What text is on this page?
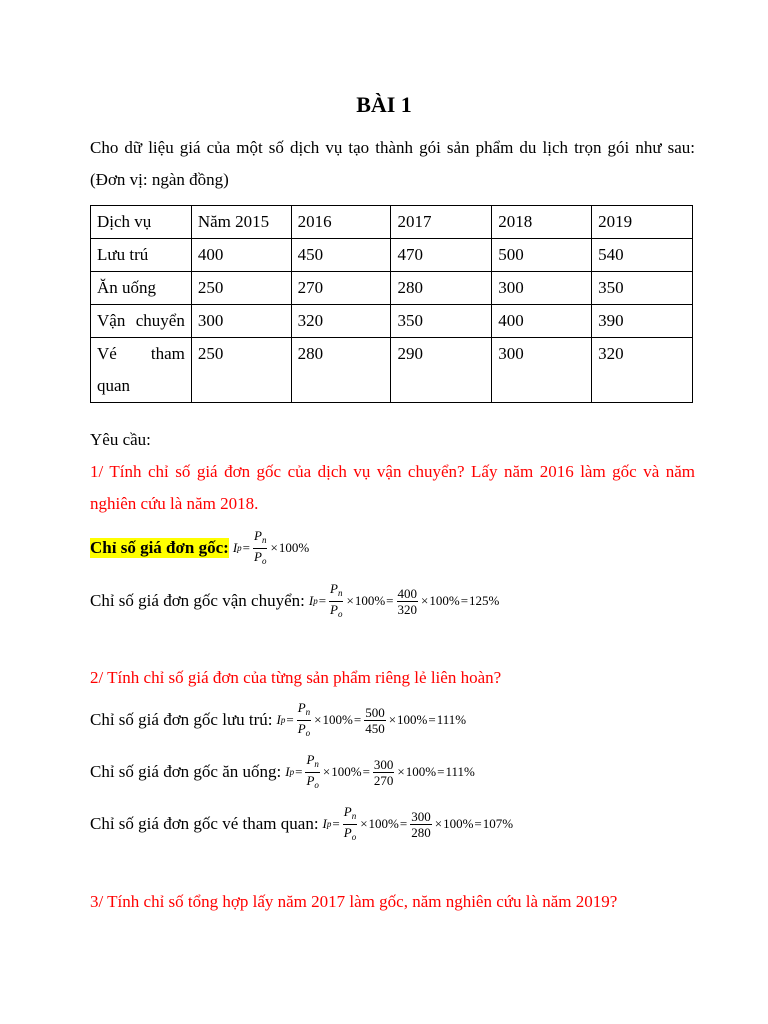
BÀI 1
Cho dữ liệu giá của một số dịch vụ tạo thành gói sản phẩm du lịch trọn gói như sau: (Đơn vị: ngàn đồng)
Dịch vụ	Năm 2015	2016	2017	2018	2019
Lưu trú	400	450	470	500	540
Ăn uống	250	270	280	300	350
Vận chuyển	300	320	350	400	390
Vé tham quan	250	280	290	300	320
Yêu cầu:
1/ Tính chỉ số giá đơn gốc của dịch vụ vận chuyển? Lấy năm 2016 làm gốc và năm nghiên cứu là năm 2018.
Chỉ số giá đơn gốc: I $p = \frac{P_n}{P_o} \times 100\%$
Chỉ số giá đơn gốc vận chuyển: I $p = \frac{P_n}{P_o} \times 100\% = \frac{400}{320} \times 100\% = 125\%$
2/ Tính chỉ số giá đơn của từng sản phẩm riêng lẻ liên hoàn?
Chỉ số giá đơn gốc lưu trú: I $p = \frac{P_n}{P_o} \times 100\% = \frac{500}{450} \times 100\% = 111\%$
Chỉ số giá đơn gốc ăn uống: I $p = \frac{P_n}{P_o} \times 100\% = \frac{300}{270} \times 100\% = 111\%$
Chỉ số giá đơn gốc vé tham quan: I $p = \frac{P_n}{P_o} \times 100\% = \frac{300}{280} \times 100\% = 107\%$
3/ Tính chỉ số tổng hợp lấy năm 2017 làm gốc, năm nghiên cứu là năm 2019?
